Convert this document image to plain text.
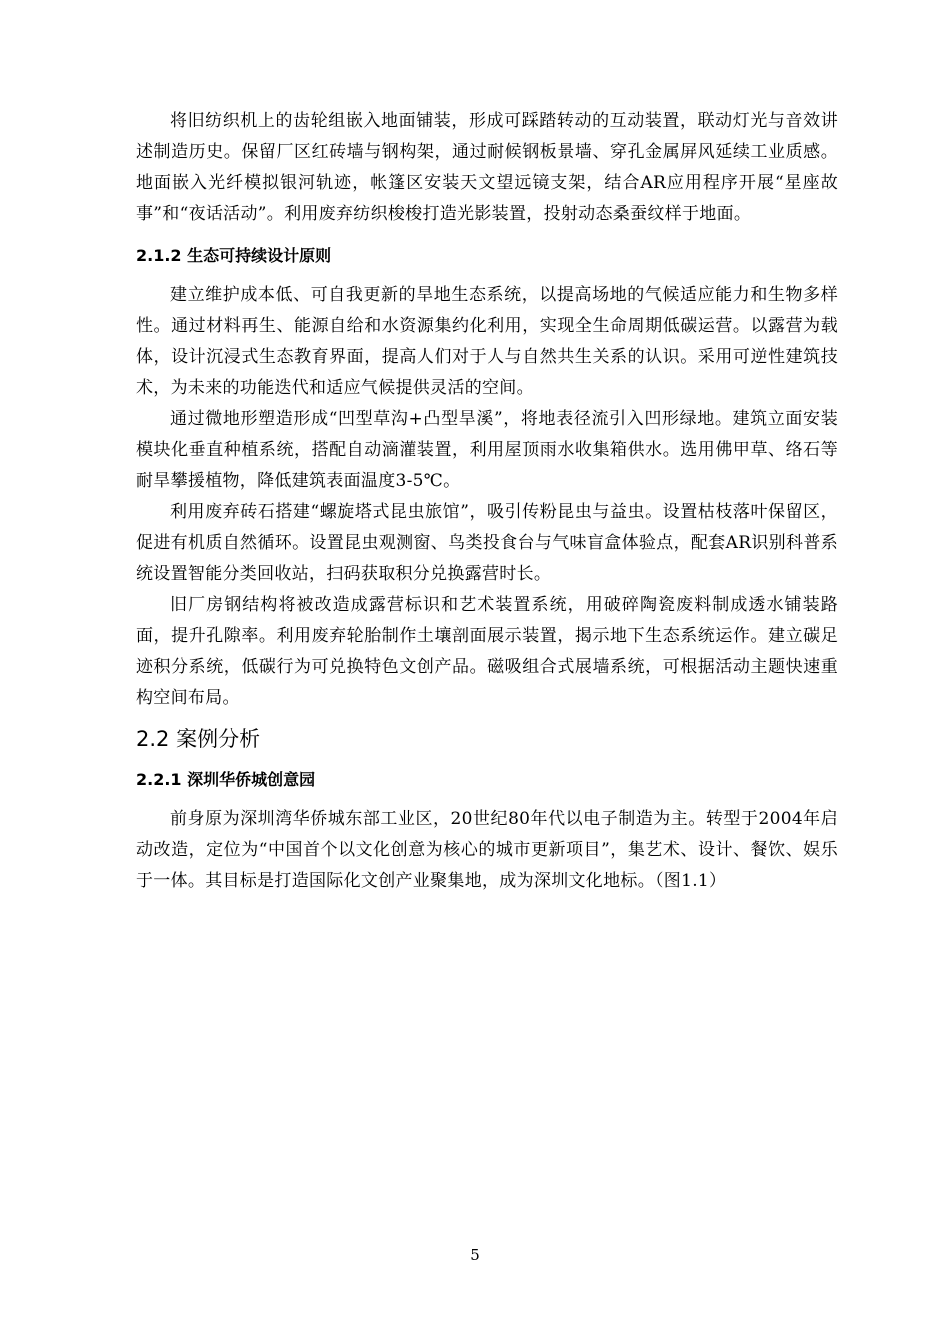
将旧纺织机上的齿轮组嵌入地面铺装，形成可踩踏转动的互动装置，联动灯光与音效讲述制造历史。保留厂区红砖墙与钢构架，通过耐候钢板景墙、穿孔金属屏风延续工业质感。地面嵌入光纤模拟银河轨迹，帐篷区安装天文望远镜支架，结合AR应用程序开展“星座故事”和“夜话活动”。利用废弃纺织梭梭打造光影装置，投射动态桑蚕纹样于地面。

2.1.2 生态可持续设计原则

建立维护成本低、可自我更新的旱地生态系统，以提高场地的气候适应能力和生物多样性。通过材料再生、能源自给和水资源集约化利用，实现全生命周期低碳运营。以露营为载体，设计沉浸式生态教育界面，提高人们对于人与自然共生关系的认识。采用可逆性建筑技术，为未来的功能迭代和适应气候提供灵活的空间。

通过微地形塑造形成“凹型草沟+凸型旱溪”，将地表径流引入凹形绿地。建筑立面安装模块化垂直种植系统，搭配自动滴灌装置，利用屋顶雨水收集箱供水。选用佛甲草、络石等耐旱攀援植物，降低建筑表面温度3-5℃。

利用废弃砖石搭建“螺旋塔式昆虫旅馆”，吸引传粉昆虫与益虫。设置枯枝落叶保留区，促进有机质自然循环。设置昆虫观测窗、鸟类投食台与气味盲盒体验点，配套AR识别科普系统设置智能分类回收站，扫码获取积分兑换露营时长。

旧厂房钢结构将被改造成露营标识和艺术装置系统，用破碎陶瓷废料制成透水铺装路面，提升孔隙率。利用废弃轮胎制作土壤剖面展示装置，揭示地下生态系统运作。建立碳足迹积分系统，低碳行为可兑换特色文创产品。磁吸组合式展墙系统，可根据活动主题快速重构空间布局。

2.2 案例分析
2.2.1 深圳华侨城创意园

前身原为深圳湾华侨城东部工业区，20世纪80年代以电子制造为主。转型于2004年启动改造，定位为“中国首个以文化创意为核心的城市更新项目”，集艺术、设计、餐饮、娱乐于一体。其目标是打造国际化文创产业聚集地，成为深圳文化地标。（图1.1）

5
